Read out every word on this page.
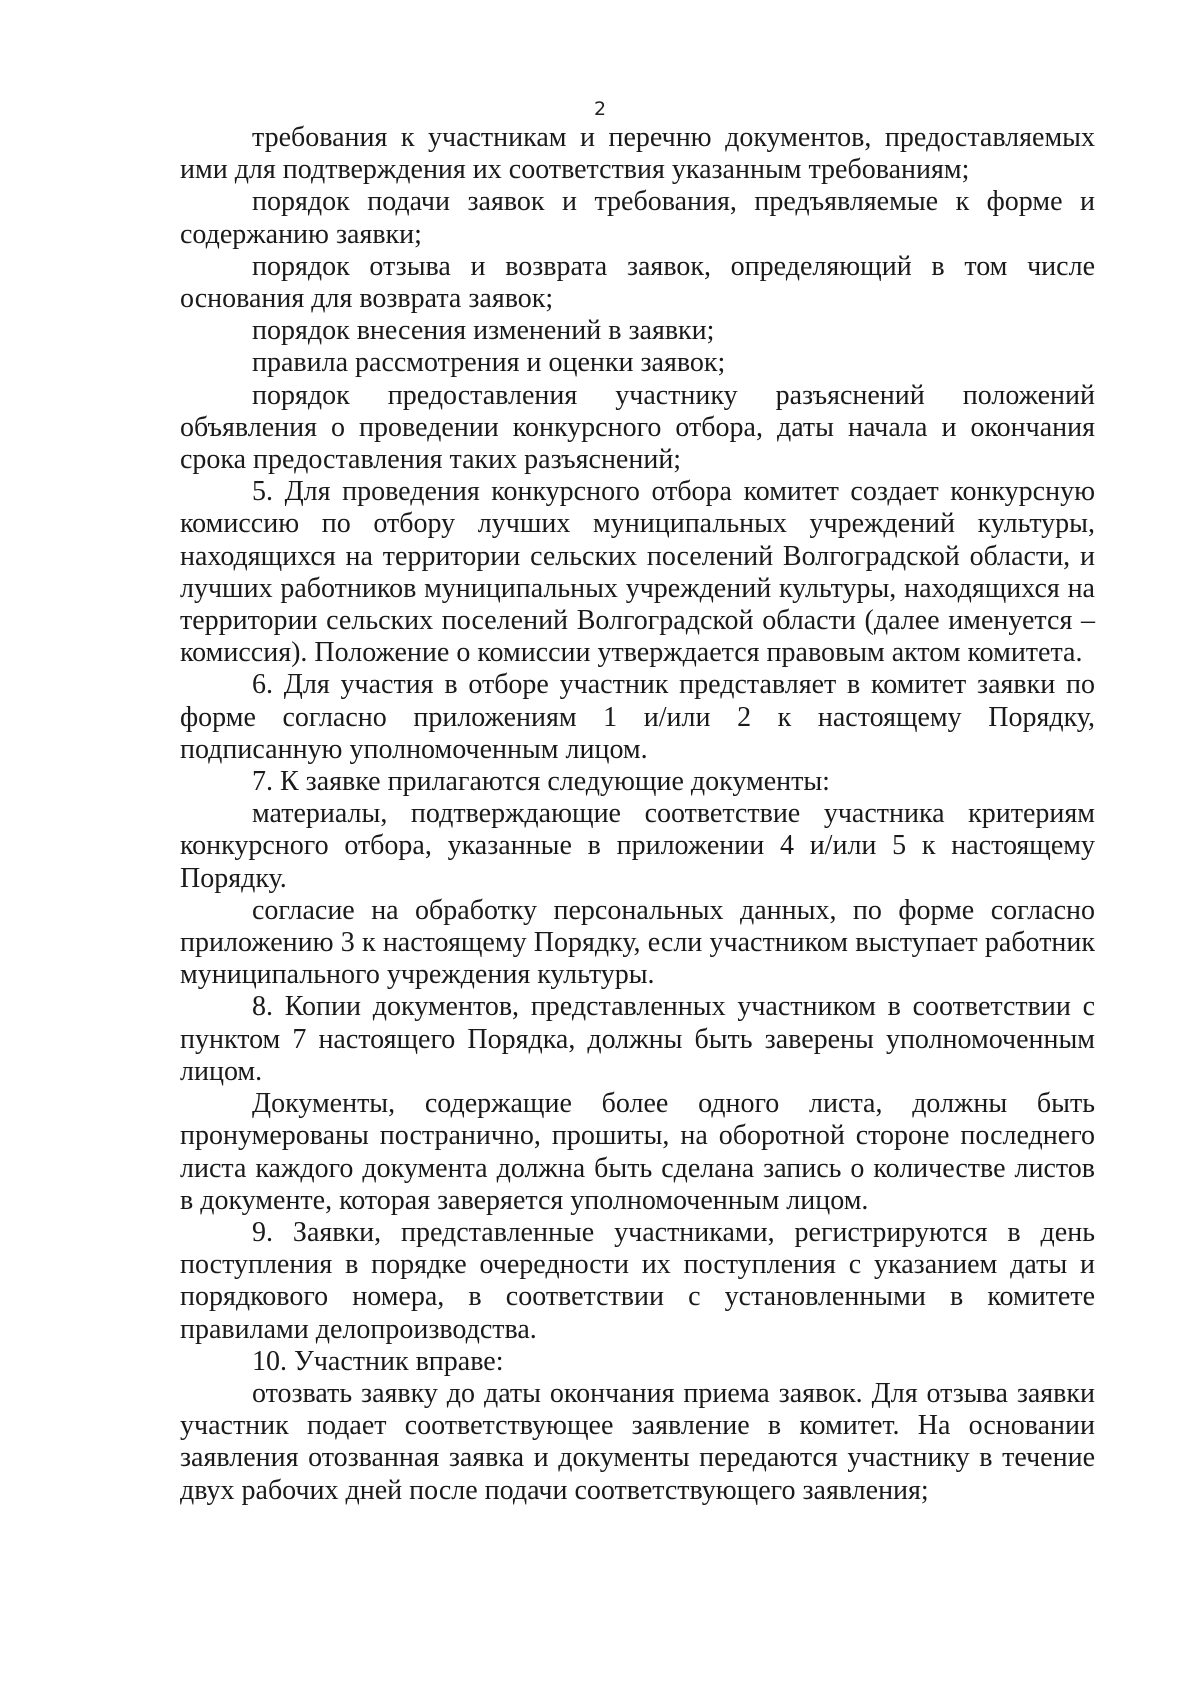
2

требования к участникам и перечню документов, предоставляемых ими для подтверждения их соответствия указанным требованиям;

порядок подачи заявок и требования, предъявляемые к форме и содержанию заявки;

порядок отзыва и возврата заявок, определяющий в том числе основания для возврата заявок;

порядок внесения изменений в заявки;

правила рассмотрения и оценки заявок;

порядок предоставления участнику разъяснений положений объявления о проведении конкурсного отбора, даты начала и окончания срока предоставления таких разъяснений;

5. Для проведения конкурсного отбора комитет создает конкурсную комиссию по отбору лучших муниципальных учреждений культуры, находящихся на территории сельских поселений Волгоградской области, и лучших работников муниципальных учреждений культуры, находящихся на территории сельских поселений Волгоградской области (далее именуется – комиссия). Положение о комиссии утверждается правовым актом комитета.

6. Для участия в отборе участник представляет в комитет заявки по форме согласно приложениям 1 и/или 2 к настоящему Порядку, подписанную уполномоченным лицом.

7. К заявке прилагаются следующие документы:

материалы, подтверждающие соответствие участника критериям конкурсного отбора, указанные в приложении 4 и/или 5 к настоящему Порядку.

согласие на обработку персональных данных, по форме согласно приложению 3 к настоящему Порядку, если участником выступает работник муниципального учреждения культуры.

8. Копии документов, представленных участником в соответствии с пунктом 7 настоящего Порядка, должны быть заверены уполномоченным лицом.

Документы, содержащие более одного листа, должны быть пронумерованы постранично, прошиты, на оборотной стороне последнего листа каждого документа должна быть сделана запись о количестве листов в документе, которая заверяется уполномоченным лицом.

9. Заявки, представленные участниками, регистрируются в день поступления в порядке очередности их поступления с указанием даты и порядкового номера, в соответствии с установленными в комитете правилами делопроизводства.

10. Участник вправе:

отозвать заявку до даты окончания приема заявок. Для отзыва заявки участник подает соответствующее заявление в комитет. На основании заявления отозванная заявка и документы передаются участнику в течение двух рабочих дней после подачи соответствующего заявления;
